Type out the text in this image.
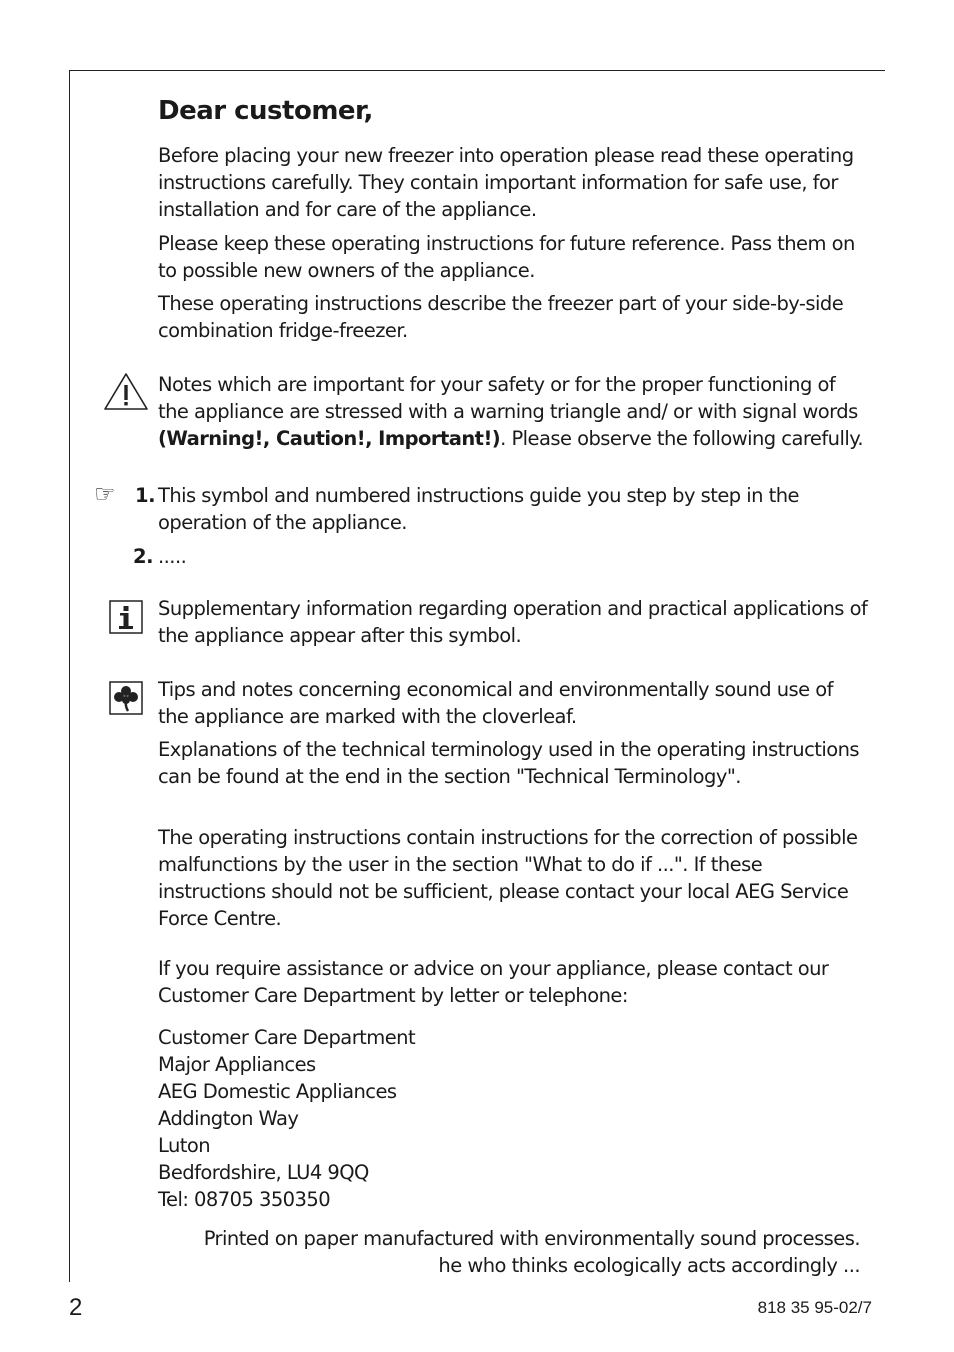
Dear customer,

Before placing your new freezer into operation please read these operating instructions carefully. They contain important information for safe use, for installation and for care of the appliance.

Please keep these operating instructions for future reference. Pass them on to possible new owners of the appliance.

These operating instructions describe the freezer part of your side-by-side combination fridge-freezer.

Notes which are important for your safety or for the proper functioning of the appliance are stressed with a warning triangle and/ or with signal words (Warning!, Caution!, Important!). Please observe the following carefully.

☞ 1. This symbol and numbered instructions guide you step by step in the operation of the appliance.

2. .....

Supplementary information regarding operation and practical applications of the appliance appear after this symbol.

Tips and notes concerning economical and environmentally sound use of the appliance are marked with the cloverleaf.

Explanations of the technical terminology used in the operating instructions can be found at the end in the section "Technical Terminology".

The operating instructions contain instructions for the correction of possible malfunctions by the user in the section "What to do if ...". If these instructions should not be sufficient, please contact your local AEG Service Force Centre.

If you require assistance or advice on your appliance, please contact our Customer Care Department by letter or telephone:

Customer Care Department
Major Appliances
AEG Domestic Appliances
Addington Way
Luton
Bedfordshire, LU4 9QQ
Tel: 08705 350350
Printed on paper manufactured with environmentally sound processes.
he who thinks ecologically acts accordingly ...
2	818 35 95-02/7
